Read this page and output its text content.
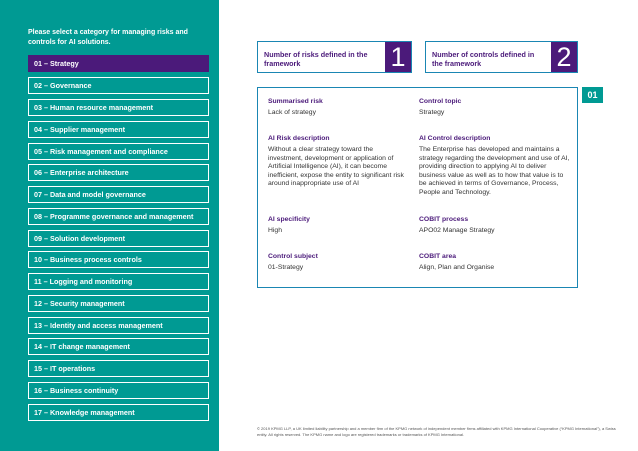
Please select a category for managing risks and controls for AI solutions.
01 – Strategy
02 – Governance
03 – Human resource management
04 – Supplier management
05 – Risk management and compliance
06 – Enterprise architecture
07 – Data and model governance
08 – Programme governance and management
09 – Solution development
10 – Business process controls
11 – Logging and monitoring
12 – Security management
13 – Identity and access management
14 – IT change management
15 – IT operations
16 – Business continuity
17 – Knowledge management
Number of risks defined in the framework	1	Number of controls defined in the framework	2
01
Summarised risk
Lack of strategy
Control topic
Strategy
AI Risk description
Without a clear strategy toward the investment, development or application of Artificial Intelligence (AI), it can become inefficient, expose the entity to significant risk around inappropriate use of AI
AI Control description
The Enterprise has developed and maintains a strategy regarding the development and use of AI, providing direction to applying AI to deliver business value as well as to how that value is to be achieved in terms of Governance, Process, People and Technology.
AI specificity
High
COBIT process
APO02 Manage Strategy
Control subject
01-Strategy
COBIT area
Align, Plan and Organise
© 2019 KPMG LLP, a UK limited liability partnership and a member firm of the KPMG network of independent member firms affiliated with KPMG International Cooperative (“KPMG International”), a Swiss entity. All rights reserved. The KPMG name and logo are registered trademarks or trademarks of KPMG International.
